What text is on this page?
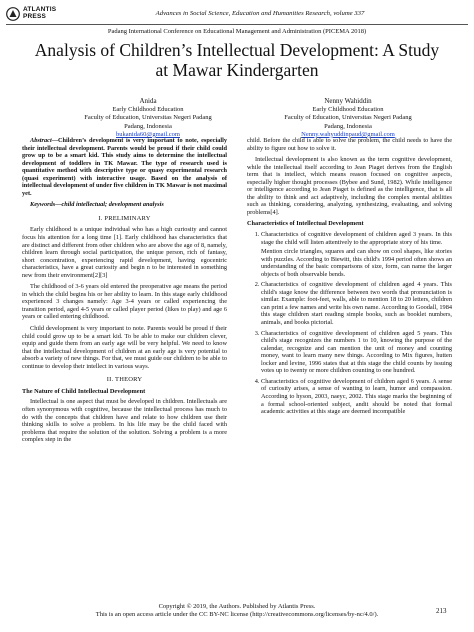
ATLANTIS PRESS	Advances in Social Science, Education and Humanities Research, volume 337
Padang International Conference on Educational Management and Administration (PICEMA 2018)
Analysis of Children’s Intellectual Development: A Study at Mawar Kindergarten
Anida
Early Childhood Education
Faculty of Education, Universitas Negeri Padang
Padang, Indonesia
bukanida60@gmail.com
Nenny Wahiddin
Early Childhood Education
Faculty of Education, Universitas Negeri Padang
Padang, Indonesia
Nenny.wahyuddinpaud@gmail.com

Abstract—Children’s development is very important to note, especially their intellectual development. Parents would be proud if their child could grow up to be a smart kid. This study aims to determine the intellectual development of toddlers in TK Mawar. The type of research used is quantitative method with descriptive type or quasy experimental research (quasi experiment) with interactive usage. Based on the analysis of intellectual development of under five children in TK Mawar is not maximal yet.

Keywords—child intellectual; development analysis

I. PRELIMINARY

Early childhood is a unique individual who has a high curiosity and cannot focus his attention for a long time [1]. Early childhood has characteristics that are distinct and different from other children who are above the age of 8, namely, children learn through social participation, the unique person, rich of fantasy, short concentration, experiencing rapid development, having egocentric characteristics, have a great curiosity and begin n to be interested in something new from their environment[2][3]

The childhood of 3-6 years old entered the preoperative age means the period in which the child begins his or her ability to learn. In this stage early childhood experienced 3 changes namely: Age 3-4 years or called experiencing the transition period, aged 4-5 years or called player period (likes to play) and age 6 years or called entering childhood.

Child development is very important to note. Parents would be proud if their child could grow up to be a smart kid. To be able to make our children clever, equip and guide them from an early age will be very helpful. We need to know that the intellectual development of children at an early age is very potential to absorb a variety of new things. For that, we must guide our children to be able to continue to develop their intellect in various ways.

II. THEORY
The Nature of Child Intellectual Development

Intellectual is one aspect that must be developed in children. Intellectuals are often synonymous with cognitive, because the intellectual process has much to do with the concepts that children have and relate to how children use their thinking skills to solve a problem. In his life may be the child faced with problems that require the solution of the solution. Solving a problem is a more complex step in the

child. Before the child is able to solve the problem, the child needs to have the ability to figure out how to solve it.

Intellectual development is also known as the term cognitive development, while the intellectual itself according to Jean Piaget derives from the English term that is intellect, which means reason focused on cognitive aspects, especially higher thought processes (Bybee and Sund, 1982). While intelligence or intelligence according to Jean Piaget is defined as the intelligence, that is all the ability to think and act adaptively, including the complex mental abilities such as thinking, considering, analyzing, synthesizing, evaluating, and solving problems[4].

Characteristics of Intellectual Development

1. Characteristics of cognitive development of children aged 3 years. In this stage the child will listen attentively to the appropriate story of his time.

Mention circle triangles, squares and can show on cool shapes, like stories with puzzles. According to Biewitt, this child's 1994 period often shows an understanding of the basic comparisons of size, form, can name the larger objects of both observable bends.

2. Characteristics of cognitive development of children aged 4 years. This child's stage know the difference between two words that pronunciation is similar. Example: foot-feet, walls, able to mention 18 to 20 letters, children can print a few names and write his own name. According to Goodall, 1984 this stage children start reading simple books, such as booklet numbers, animals, and books pictorial.

3. Characteristics of cognitive development of children aged 5 years. This child's stage recognizes the numbers 1 to 10, knowing the purpose of the calendar, recognize and can mention the unit of money and counting money, want to learn many new things. According to Mix figures, hutten locker and levine, 1996 states that at this stage the child counts by issuing votes up to twenty or more children counting to one hundred.

4. Characteristics of cognitive development of children aged 6 years. A sense of curiosity arises, a sense of wanting to learn, humor and compassion. According to hyson, 2003, naeyc, 2002. This stage marks the beginning of a formal school-oriented subject, andit should be noted that formal academic activities at this stage are deemed incompatible

Copyright © 2019, the Authors. Published by Atlantis Press.
This is an open access article under the CC BY-NC license (http://creativecommons.org/licenses/by-nc/4.0/).	213
